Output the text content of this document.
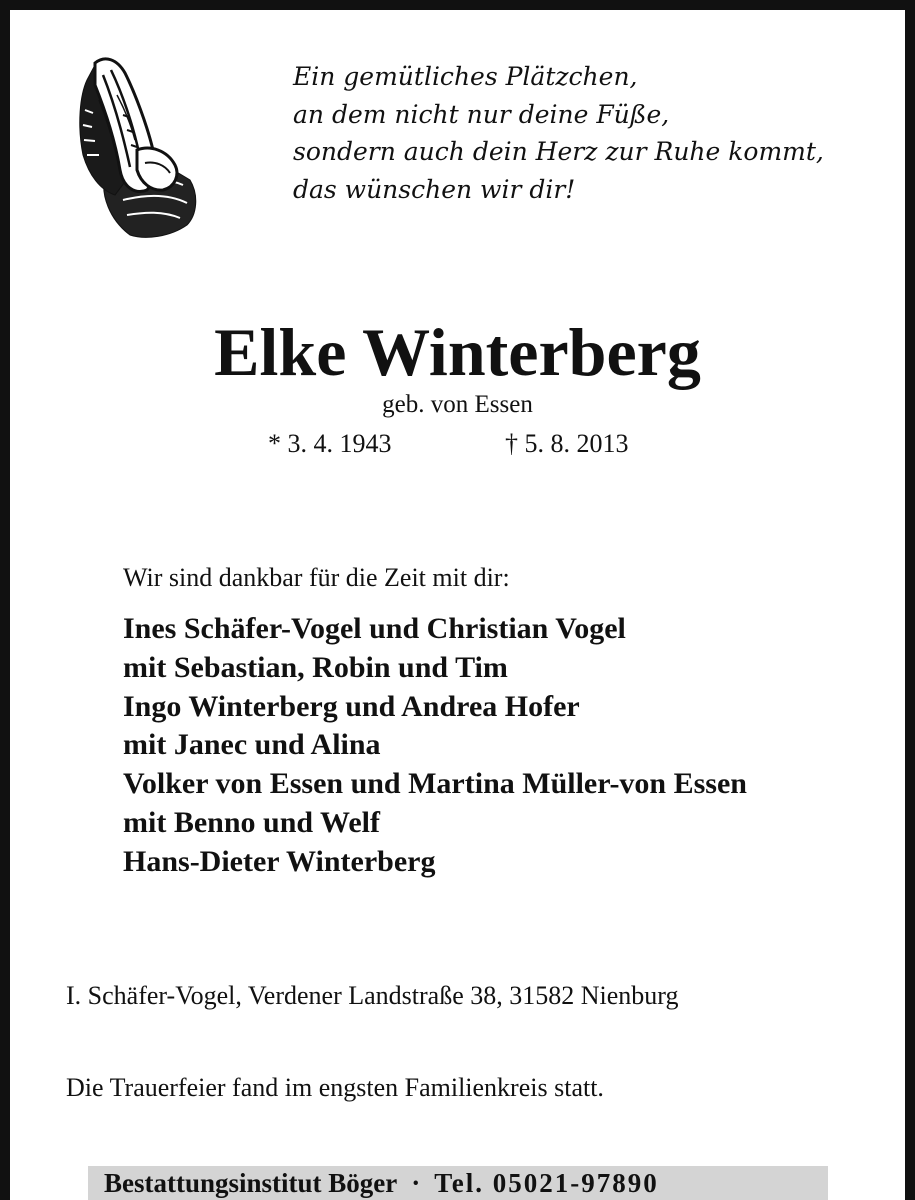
Ein gemütliches Plätzchen,
an dem nicht nur deine Füße,
sondern auch dein Herz zur Ruhe kommt,
das wünschen wir dir!
Elke Winterberg
geb. von Essen
* 3. 4. 1943	† 5. 8. 2013
Wir sind dankbar für die Zeit mit dir:
Ines Schäfer-Vogel und Christian Vogel
mit Sebastian, Robin und Tim
Ingo Winterberg und Andrea Hofer
mit Janec und Alina
Volker von Essen und Martina Müller-von Essen
mit Benno und Welf
Hans-Dieter Winterberg
I. Schäfer-Vogel, Verdener Landstraße 38, 31582 Nienburg
Die Trauerfeier fand im engsten Familienkreis statt.
Bestattungsinstitut Böger · Tel. 05021-97890
